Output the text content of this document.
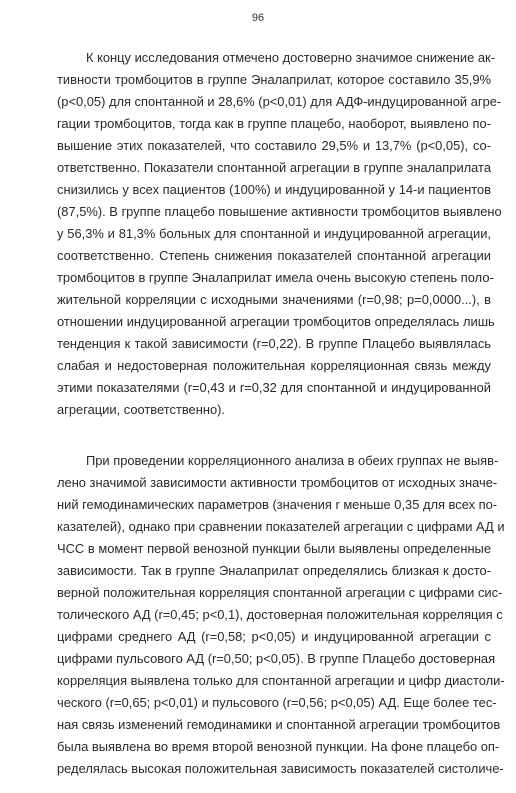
96
К концу исследования отмечено достоверно значимое снижение ак-
тивности тромбоцитов в группе Эналаприлат, которое составило 35,9%
(p<0,05) для спонтанной и 28,6% (p<0,01) для АДФ-индуцированной агре-
гации тромбоцитов, тогда как в группе плацебо, наоборот, выявлено по-
вышение этих показателей, что составило 29,5% и 13,7% (p<0,05), со-
ответственно. Показатели спонтанной агрегации в группе эналаприлата
снизились у всех пациентов (100%) и индуцированной у 14-и пациентов
(87,5%). В группе плацебо повышение активности тромбоцитов выявлено
у 56,3% и 81,3% больных для спонтанной и индуцированной агрегации,
соответственно. Степень снижения показателей спонтанной агрегации
тромбоцитов в группе Эналаприлат имела очень высокую степень поло-
жительной корреляции с исходными значениями (r=0,98; p=0,0000...), в
отношении индуцированной агрегации тромбоцитов определялась лишь
тенденция к такой зависимости (r=0,22). В группе Плацебо выявлялась
слабая и недостоверная положительная корреляционная связь между
этими показателями (r=0,43 и r=0,32 для спонтанной и индуцированной
агрегации, соответственно).
При проведении корреляционного анализа в обеих группах не выяв-
лено значимой зависимости активности тромбоцитов от исходных значе-
ний гемодинамических параметров (значения r меньше 0,35 для всех по-
казателей), однако при сравнении показателей агрегации с цифрами АД и
ЧСС в момент первой венозной пункции были выявлены определенные
зависимости. Так в группе Эналаприлат определялись близкая к досто-
верной положительная корреляция спонтанной агрегации с цифрами сис-
толического АД (r=0,45; p<0,1), достоверная положительная корреляция с
цифрами среднего АД (r=0,58; p<0,05) и индуцированной агрегации с
цифрами пульсового АД (r=0,50; p<0,05). В группе Плацебо достоверная
корреляция выявлена только для спонтанной агрегации и цифр диастоли-
ческого (r=0,65; p<0,01) и пульсового (r=0,56; p<0,05) АД. Еще более тес-
ная связь изменений гемодинамики и спонтанной агрегации тромбоцитов
была выявлена во время второй венозной пункции. На фоне плацебо оп-
ределялась высокая положительная зависимость показателей систоличе-
